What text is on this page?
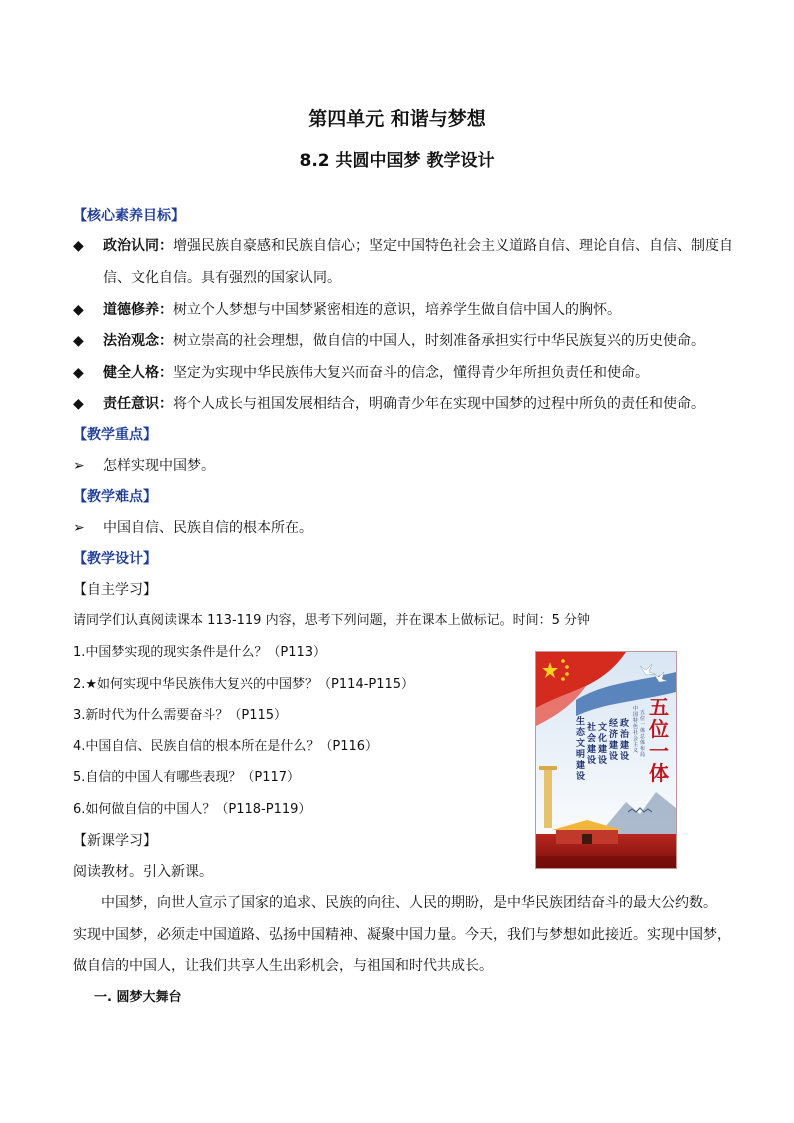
第四单元 和谐与梦想
8.2 共圆中国梦 教学设计
【核心素养目标】
◆ 政治认同：增强民族自豪感和民族自信心；坚定中国特色社会主义道路自信、理论自信、自信、制度自
信、文化自信。具有强烈的国家认同。
◆ 道德修养：树立个人梦想与中国梦紧密相连的意识，培养学生做自信中国人的胸怀。
◆ 法治观念：树立崇高的社会理想，做自信的中国人，时刻准备承担实行中华民族复兴的历史使命。
◆ 健全人格：坚定为实现中华民族伟大复兴而奋斗的信念，懂得青少年所担负责任和使命。
◆ 责任意识：将个人成长与祖国发展相结合，明确青少年在实现中国梦的过程中所负的责任和使命。
【教学重点】
➢ 怎样实现中国梦。
【教学难点】
➢ 中国自信、民族自信的根本所在。
【教学设计】
【自主学习】
请同学们认真阅读课本 113-119 内容，思考下列问题，并在课本上做标记。时间：5 分钟
1.中国梦实现的现实条件是什么？（P113）
2.★如何实现中华民族伟大复兴的中国梦？（P114-P115）
3.新时代为什么需要奋斗？（P115）
4.中国自信、民族自信的根本所在是什么？（P116）
5.自信的中国人有哪些表现？（P117）
6.如何做自信的中国人？（P118-P119）
【新课学习】
阅读教材。引入新课。
中国梦，向世人宣示了国家的追求、民族的向往、人民的期盼，是中华民族团结奋斗的最大公约数。
实现中国梦，必须走中国道路、弘扬中国精神、凝聚中国力量。今天，我们与梦想如此接近。实现中国梦，
做自信的中国人，让我们共享人生出彩机会，与祖国和时代共成长。
一. 圆梦大舞台
政治建设
经济建设
文化建设
社会建设
生态文明建设
中国特色社会主义 五位一体总体布局
五位一体
